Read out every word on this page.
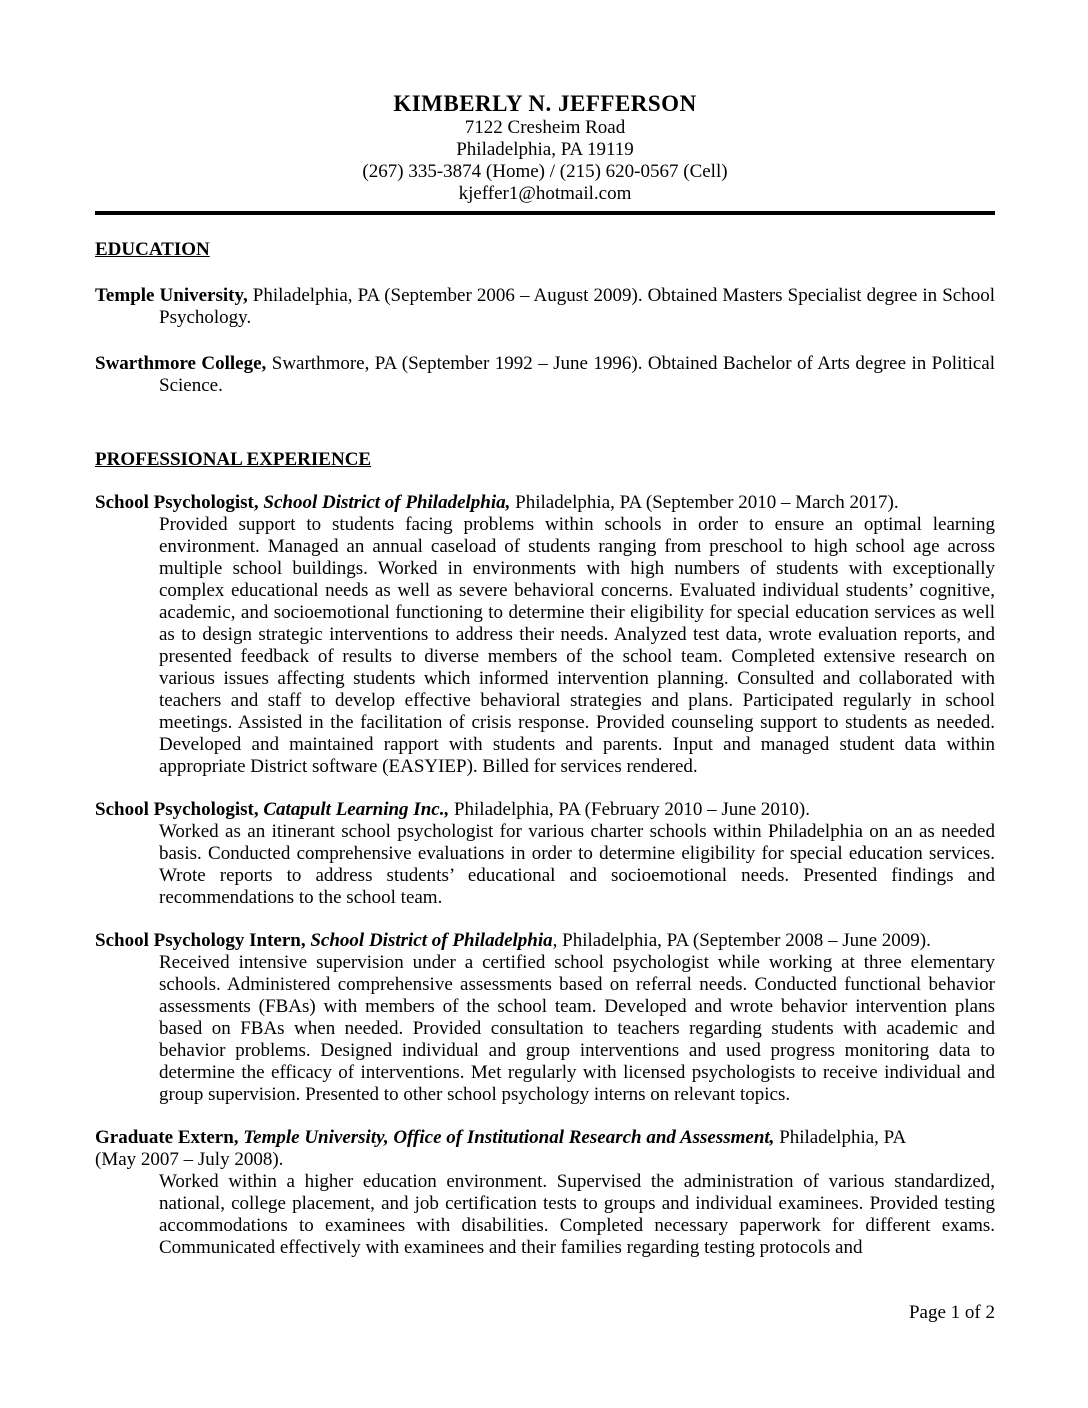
KIMBERLY N. JEFFERSON
7122 Cresheim Road
Philadelphia, PA 19119
(267) 335-3874 (Home) / (215) 620-0567 (Cell)
kjeffer1@hotmail.com
EDUCATION

Temple University, Philadelphia, PA (September 2006 – August 2009). Obtained Masters Specialist degree in School Psychology.

Swarthmore College, Swarthmore, PA (September 1992 – June 1996). Obtained Bachelor of Arts degree in Political Science.

PROFESSIONAL EXPERIENCE

School Psychologist, School District of Philadelphia, Philadelphia, PA (September 2010 – March 2017).

Provided support to students facing problems within schools in order to ensure an optimal learning environment. Managed an annual caseload of students ranging from preschool to high school age across multiple school buildings. Worked in environments with high numbers of students with exceptionally complex educational needs as well as severe behavioral concerns. Evaluated individual students’ cognitive, academic, and socioemotional functioning to determine their eligibility for special education services as well as to design strategic interventions to address their needs. Analyzed test data, wrote evaluation reports, and presented feedback of results to diverse members of the school team. Completed extensive research on various issues affecting students which informed intervention planning. Consulted and collaborated with teachers and staff to develop effective behavioral strategies and plans. Participated regularly in school meetings. Assisted in the facilitation of crisis response. Provided counseling support to students as needed. Developed and maintained rapport with students and parents. Input and managed student data within appropriate District software (EASYIEP). Billed for services rendered.

School Psychologist, Catapult Learning Inc., Philadelphia, PA (February 2010 – June 2010).

Worked as an itinerant school psychologist for various charter schools within Philadelphia on an as needed basis. Conducted comprehensive evaluations in order to determine eligibility for special education services. Wrote reports to address students’ educational and socioemotional needs. Presented findings and recommendations to the school team.

School Psychology Intern, School District of Philadelphia, Philadelphia, PA (September 2008 – June 2009).

Received intensive supervision under a certified school psychologist while working at three elementary schools. Administered comprehensive assessments based on referral needs. Conducted functional behavior assessments (FBAs) with members of the school team. Developed and wrote behavior intervention plans based on FBAs when needed. Provided consultation to teachers regarding students with academic and behavior problems. Designed individual and group interventions and used progress monitoring data to determine the efficacy of interventions. Met regularly with licensed psychologists to receive individual and group supervision. Presented to other school psychology interns on relevant topics.

Graduate Extern, Temple University, Office of Institutional Research and Assessment, Philadelphia, PA
(May 2007 – July 2008).

Worked within a higher education environment. Supervised the administration of various standardized, national, college placement, and job certification tests to groups and individual examinees. Provided testing accommodations to examinees with disabilities. Completed necessary paperwork for different exams. Communicated effectively with examinees and their families regarding testing protocols and

Page 1 of 2
